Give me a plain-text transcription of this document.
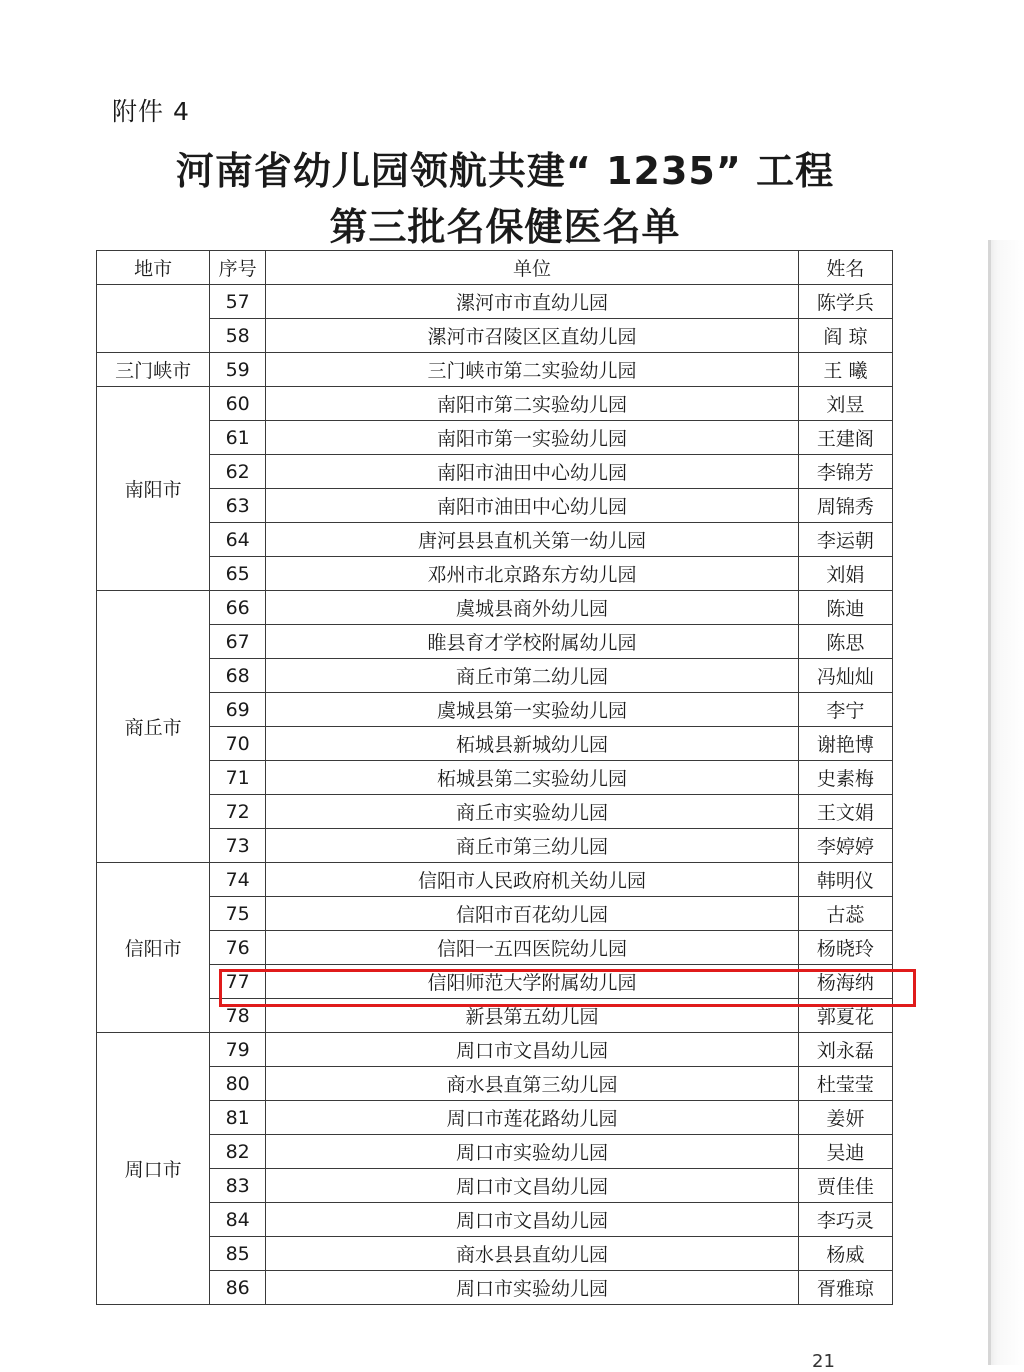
附件 4
河南省幼儿园领航共建“ 1235” 工程
第三批名保健医名单
地市	序号	单位	姓名
	57	漯河市市直幼儿园	陈学兵
	58	漯河市召陵区区直幼儿园	阎 琼
三门峡市	59	三门峡市第二实验幼儿园	王 曦
南阳市	60	南阳市第二实验幼儿园	刘昱
	61	南阳市第一实验幼儿园	王建阁
	62	南阳市油田中心幼儿园	李锦芳
	63	南阳市油田中心幼儿园	周锦秀
	64	唐河县县直机关第一幼儿园	李运朝
	65	邓州市北京路东方幼儿园	刘娟
商丘市	66	虞城县商外幼儿园	陈迪
	67	睢县育才学校附属幼儿园	陈思
	68	商丘市第二幼儿园	冯灿灿
	69	虞城县第一实验幼儿园	李宁
	70	柘城县新城幼儿园	谢艳博
	71	柘城县第二实验幼儿园	史素梅
	72	商丘市实验幼儿园	王文娟
	73	商丘市第三幼儿园	李婷婷
信阳市	74	信阳市人民政府机关幼儿园	韩明仪
	75	信阳市百花幼儿园	古蕊
	76	信阳一五四医院幼儿园	杨晓玲
	77	信阳师范大学附属幼儿园	杨海纳
	78	新县第五幼儿园	郭夏花
周口市	79	周口市文昌幼儿园	刘永磊
	80	商水县直第三幼儿园	杜莹莹
	81	周口市莲花路幼儿园	姜妍
	82	周口市实验幼儿园	吴迪
	83	周口市文昌幼儿园	贾佳佳
	84	周口市文昌幼儿园	李巧灵
	85	商水县县直幼儿园	杨威
	86	周口市实验幼儿园	胥雅琼
21
